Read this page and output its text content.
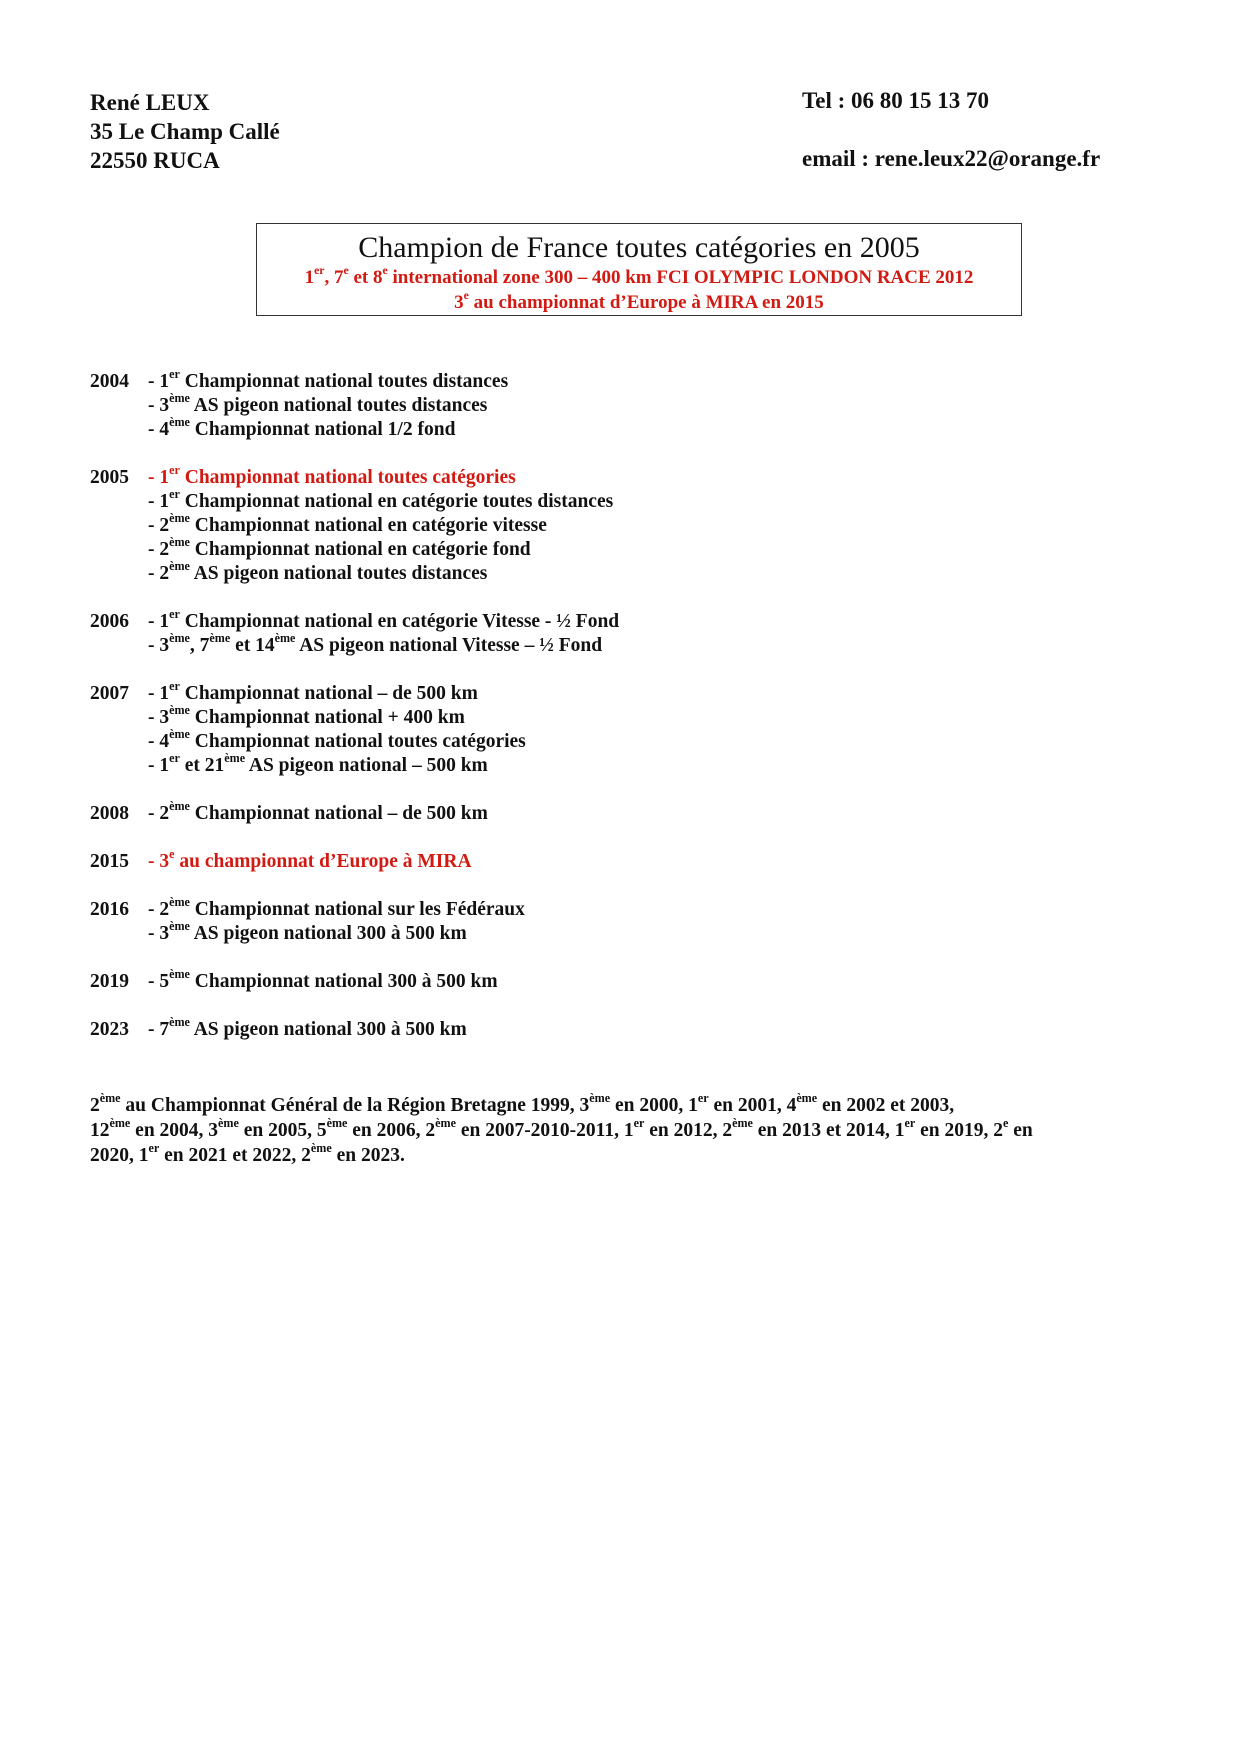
René LEUX
35 Le Champ Callé
22550 RUCA
Tel : 06 80 15 13 70
email : rene.leux22@orange.fr
Champion de France toutes catégories en 2005
1er, 7e et 8e international zone 300 – 400 km FCI OLYMPIC LONDON RACE 2012
3e au championnat d’Europe à MIRA en 2015
2004 - 1er Championnat national toutes distances
- 3ème AS pigeon national toutes distances
- 4ème Championnat national 1/2 fond
2005 - 1er Championnat national toutes catégories
- 1er Championnat national en catégorie toutes distances
- 2ème Championnat national en catégorie vitesse
- 2ème Championnat national en catégorie fond
- 2ème AS pigeon national toutes distances
2006 - 1er Championnat national en catégorie Vitesse - ½ Fond
- 3ème, 7ème et 14ème AS pigeon national Vitesse – ½ Fond
2007 - 1er Championnat national – de 500 km
- 3ème Championnat national + 400 km
- 4ème Championnat national toutes catégories
- 1er et 21ème AS pigeon national – 500 km
2008 - 2ème Championnat national – de 500 km
2015 - 3e au championnat d’Europe à MIRA
2016 - 2ème Championnat national sur les Fédéraux
- 3ème AS pigeon national 300 à 500 km
2019 - 5ème Championnat national 300 à 500 km
2023 - 7ème AS pigeon national 300 à 500 km
2ème au Championnat Général de la Région Bretagne 1999, 3ème en 2000, 1er en 2001, 4ème en 2002 et 2003,
12ème en 2004, 3ème en 2005, 5ème en 2006, 2ème en 2007-2010-2011, 1er en 2012, 2ème en 2013 et 2014, 1er en 2019, 2e en
2020, 1er en 2021 et 2022, 2ème en 2023.
